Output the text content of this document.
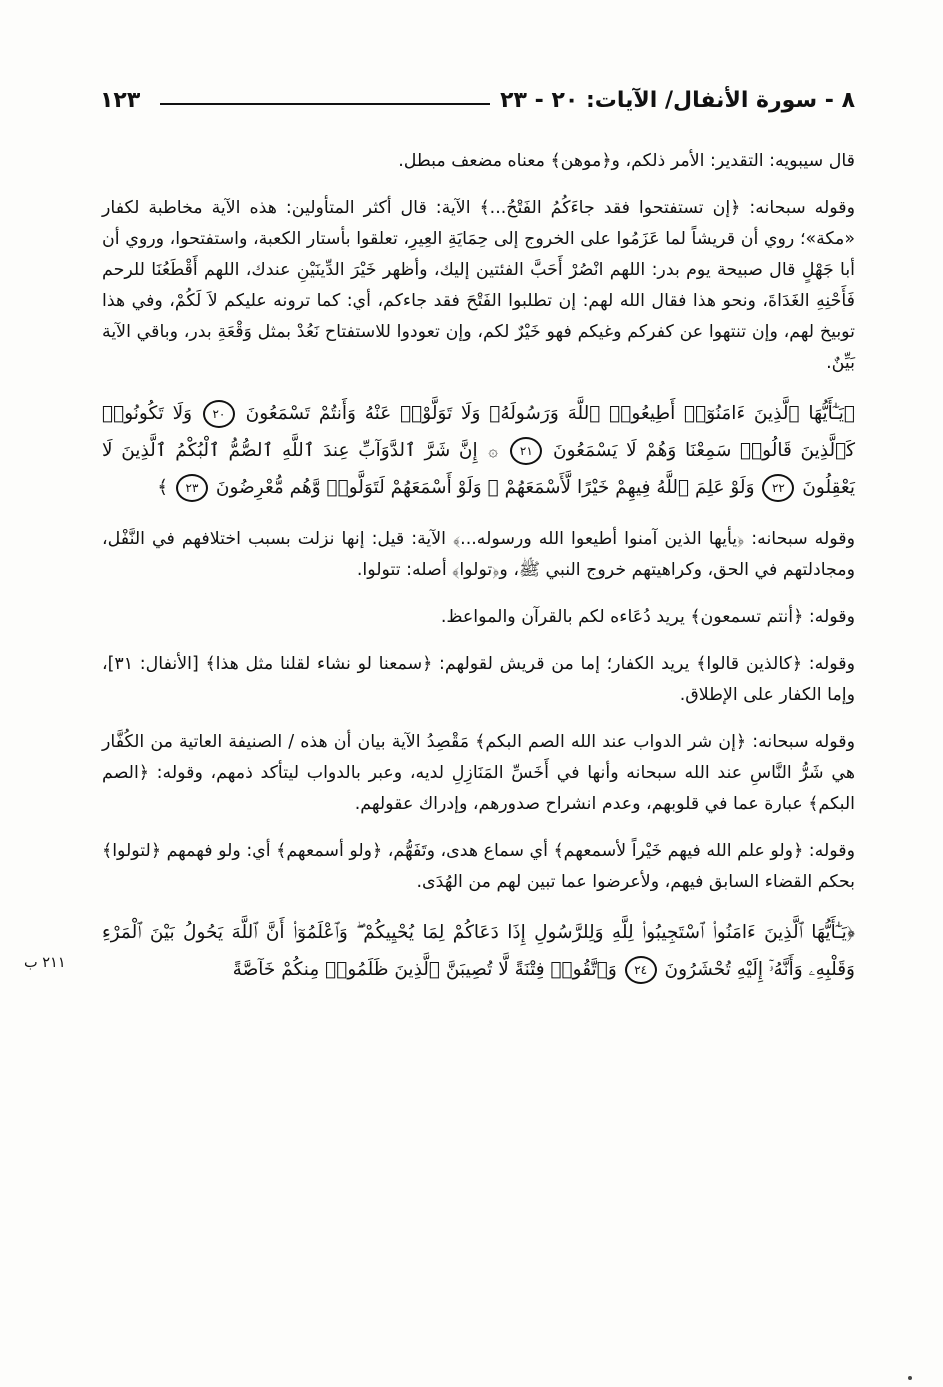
٨ - سورة الأنفال/ الآيات: ٢٠ - ٢٣
١٢٣

قال سيبويه: التقدير: الأمر ذلكم، و﴿موهن﴾ معناه مضعف مبطل.

وقوله سبحانه: ﴿إن تستفتحوا فقد جاءَكُمُ الفَتْحُ...﴾ الآية: قال أكثر المتأولين: هذه الآية مخاطبة لكفار «مكة»؛ روي أن قريشاً لما عَزَمُوا على الخروج إلى حِمَايَةِ العِيرِ، تعلقوا بأستار الكعبة، واستفتحوا، وروي أن أبا جَهْلٍ قال صبيحة يوم بدر: اللهم انْصُرْ أَحَبَّ الفئتين إليك، وأظهر خَيْرَ الدِّينَيْنِ عندك، اللهم أَقْطَعُنَا للرحم فَأَحْنِهِ الغَدَاةَ، ونحو هذا فقال الله لهم: إن تطلبوا الفَتْحَ فقد جاءكم، أي: كما ترونه عليكم لاَ لَكُمْ، وفي هذا توبيخ لهم، وإن تنتهوا عن كفركم وغيكم فهو خَيْرٌ لكم، وإن تعودوا للاستفتاح نَعُدْ بمثل وَقْعَةِ بدر، وباقي الآية بَيِّنٌ.

﴿يَـٰٓأَيُّهَا ٱلَّذِينَ ءَامَنُوٓا۟ أَطِيعُوا۟ ٱللَّهَ وَرَسُولَهُۥ وَلَا تَوَلَّوْا۟ عَنْهُ وَأَنتُمْ تَسْمَعُونَ ٢٠ وَلَا تَكُونُوا۟ كَٱلَّذِينَ قَالُوا۟ سَمِعْنَا وَهُمْ لَا يَسْمَعُونَ ٢١ ۞ إِنَّ شَرَّ ٱلدَّوَآبِّ عِندَ ٱللَّهِ ٱلصُّمُّ ٱلْبُكْمُ ٱلَّذِينَ لَا يَعْقِلُونَ ٢٢ وَلَوْ عَلِمَ ٱللَّهُ فِيهِمْ خَيْرًا لَّأَسْمَعَهُمْ ۖ وَلَوْ أَسْمَعَهُمْ لَتَوَلَّوا۟ وَّهُم مُّعْرِضُونَ ٢٣ ﴾

وقوله سبحانه: ﴿يأيها الذين آمنوا أطيعوا الله ورسوله...﴾ الآية: قيل: إنها نزلت بسبب اختلافهم في النَّفْل، ومجادلتهم في الحق، وكراهيتهم خروج النبي ﷺ، و﴿تولوا﴾ أصله: تتولوا.

وقوله: ﴿أنتم تسمعون﴾ يريد دُعَاءه لكم بالقرآن والمواعظ.

وقوله: ﴿كالذين قالوا﴾ يريد الكفار؛ إما من قريش لقولهم: ﴿سمعنا لو نشاء لقلنا مثل هذا﴾ [الأنفال: ٣١]، وإما الكفار على الإطلاق.

وقوله سبحانه: ﴿إن شر الدواب عند الله الصم البكم﴾ مَقْصِدُ الآية بيان أن هذه / الصنيفة العاتية من الكُفَّار هي شَرُّ النَّاسِ عند الله سبحانه وأنها في أَخَسِّ المَنَازِلِ لديه، وعبر بالدواب ليتأكد ذمهم، وقوله: ﴿الصم البكم﴾ عبارة عما في قلوبهم، وعدم انشراح صدورهم، وإدراك عقولهم.

وقوله: ﴿ولو علم الله فيهم خَيْراً لأسمعهم﴾ أي سماع هدى، وتَفَهُّم، ﴿ولو أسمعهم﴾ أي: ولو فهمهم ﴿لتولوا﴾ بحكم القضاء السابق فيهم، ولأعرضوا عما تبين لهم من الهُدَى.

﴿يَـٰٓأَيُّهَا ٱلَّذِينَ ءَامَنُوا۟ ٱسْتَجِيبُوا۟ لِلَّهِ وَلِلرَّسُولِ إِذَا دَعَاكُمْ لِمَا يُحْيِيكُمْ ۖ وَٱعْلَمُوٓا۟ أَنَّ ٱللَّهَ يَحُولُ بَيْنَ ٱلْمَرْءِ وَقَلْبِهِۦ وَأَنَّهُۥٓ إِلَيْهِ تُحْشَرُونَ ٢٤ وَٱتَّقُوا۟ فِتْنَةً لَّا تُصِيبَنَّ ٱلَّذِينَ ظَلَمُوا۟ مِنكُمْ خَآصَّةً

٢١١ ب
